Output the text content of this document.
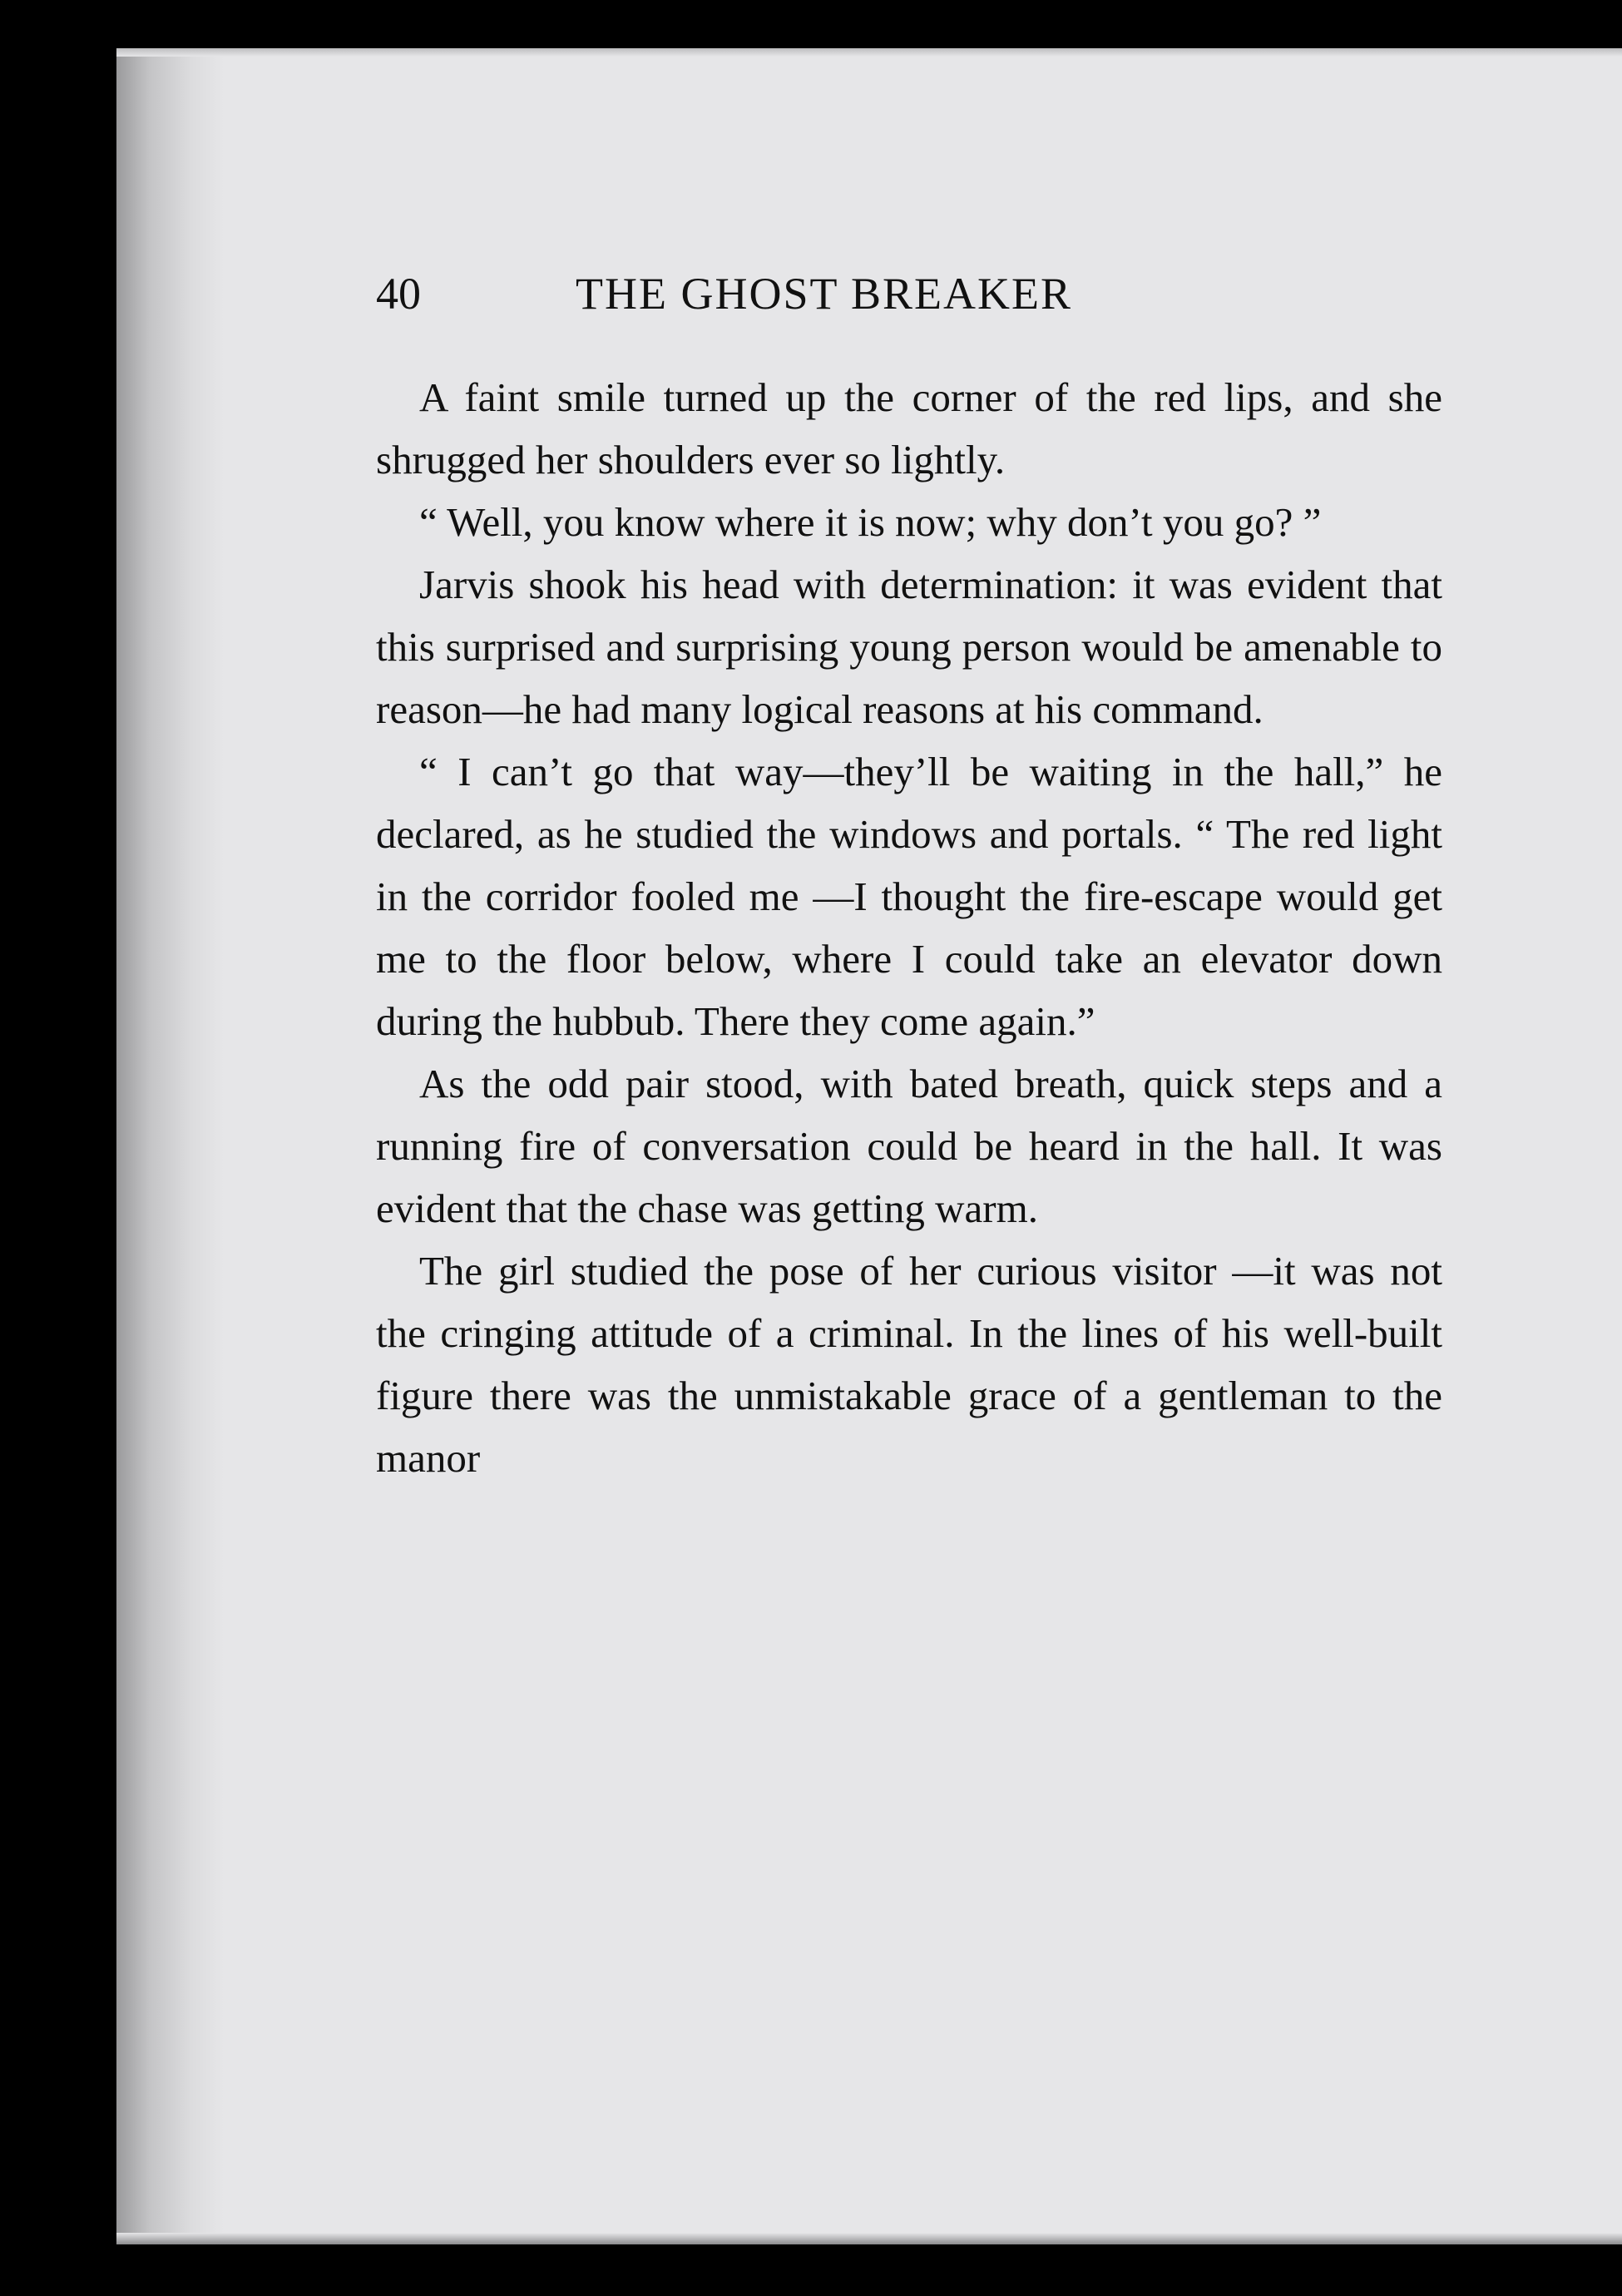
40	THE GHOST BREAKER

A faint smile turned up the corner of the red lips, and she shrugged her shoulders ever so lightly.

“ Well, you know where it is now; why don’t you go? ”

Jarvis shook his head with determination: it was evident that this surprised and surprising young person would be amenable to reason—he had many logical reasons at his command.

“ I can’t go that way—they’ll be waiting in the hall,” he declared, as he studied the windows and portals. “ The red light in the corridor fooled me —I thought the fire-escape would get me to the floor below, where I could take an elevator down during the hubbub. There they come again.”

As the odd pair stood, with bated breath, quick steps and a running fire of conversation could be heard in the hall. It was evident that the chase was getting warm.

The girl studied the pose of her curious visitor —it was not the cringing attitude of a criminal. In the lines of his well-built figure there was the unmistakable grace of a gentleman to the manor
